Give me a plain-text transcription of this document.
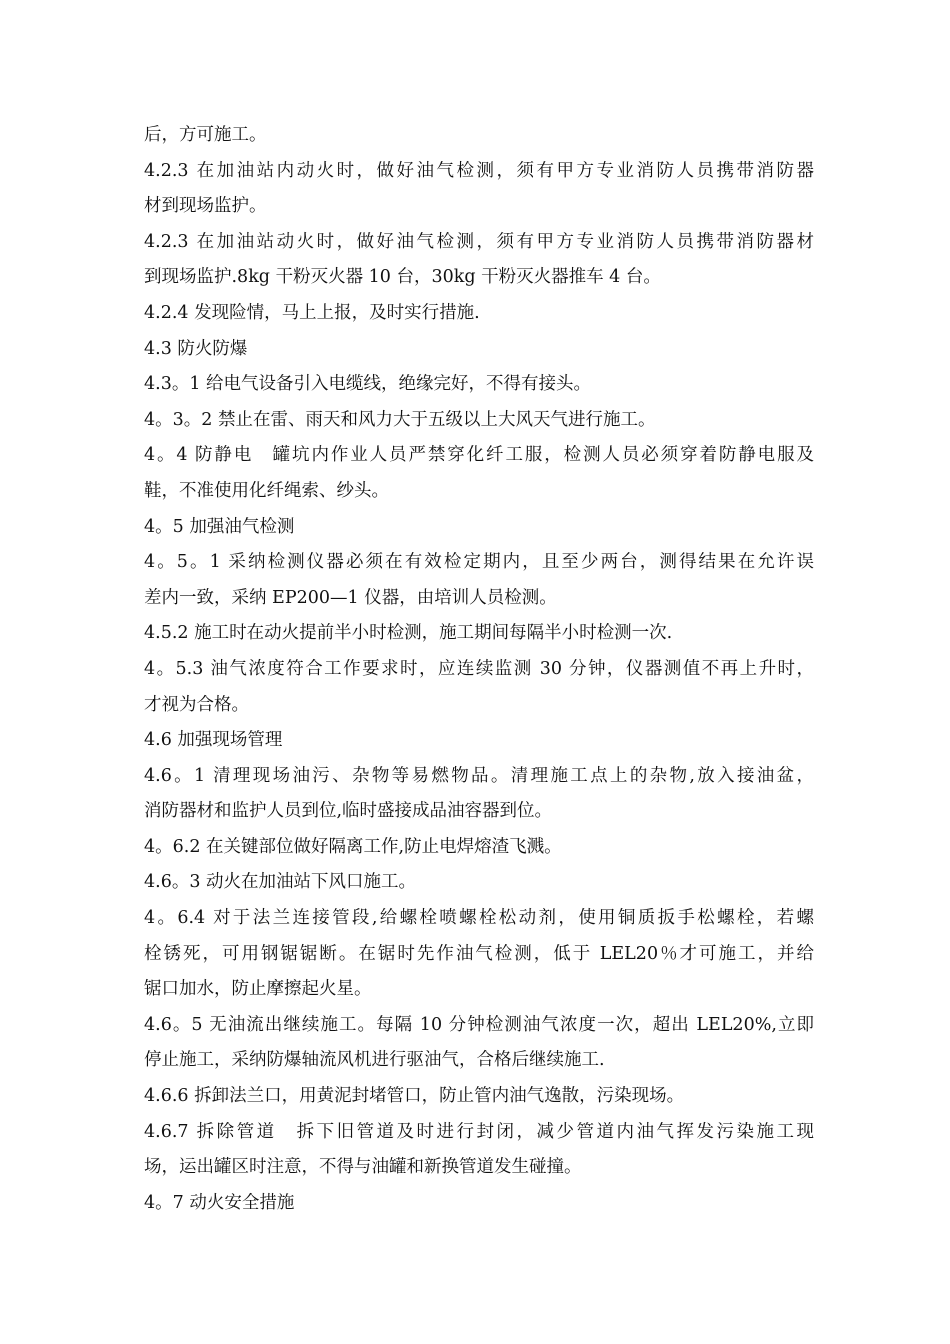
后，方可施工。
4.2.3 在加油站内动火时，做好油气检测，须有甲方专业消防人员携带消防器
材到现场监护。
4.2.3 在加油站动火时，做好油气检测，须有甲方专业消防人员携带消防器材
到现场监护.8kg 干粉灭火器 10 台，30kg 干粉灭火器推车 4 台。
4.2.4 发现险情，马上上报，及时实行措施.
4.3 防火防爆
4.3。1 给电气设备引入电缆线，绝缘完好，不得有接头。
4。3。2 禁止在雷、雨天和风力大于五级以上大风天气进行施工。
4。4 防静电　罐坑内作业人员严禁穿化纤工服，检测人员必须穿着防静电服及
鞋，不准使用化纤绳索、纱头。
4。5 加强油气检测
4。5。1 采纳检测仪器必须在有效检定期内，且至少两台，测得结果在允许误
差内一致，采纳 EP200—1 仪器，由培训人员检测。
4.5.2 施工时在动火提前半小时检测，施工期间每隔半小时检测一次.
4。5.3 油气浓度符合工作要求时，应连续监测 30 分钟，仪器测值不再上升时，
才视为合格。
4.6 加强现场管理
4.6。1 清理现场油污、杂物等易燃物品。清理施工点上的杂物,放入接油盆，
消防器材和监护人员到位,临时盛接成品油容器到位。
4。6.2 在关键部位做好隔离工作,防止电焊熔渣飞溅。
4.6。3 动火在加油站下风口施工。
4。6.4 对于法兰连接管段,给螺栓喷螺栓松动剂，使用铜质扳手松螺栓，若螺
栓锈死，可用钢锯锯断。在锯时先作油气检测，低于 LEL20％才可施工，并给
锯口加水，防止摩擦起火星。
4.6。5 无油流出继续施工。每隔 10 分钟检测油气浓度一次，超出 LEL20%,立即
停止施工，采纳防爆轴流风机进行驱油气，合格后继续施工.
4.6.6 拆卸法兰口，用黄泥封堵管口，防止管内油气逸散，污染现场。
4.6.7 拆除管道　拆下旧管道及时进行封闭，减少管道内油气挥发污染施工现
场，运出罐区时注意，不得与油罐和新换管道发生碰撞。
4。7 动火安全措施
